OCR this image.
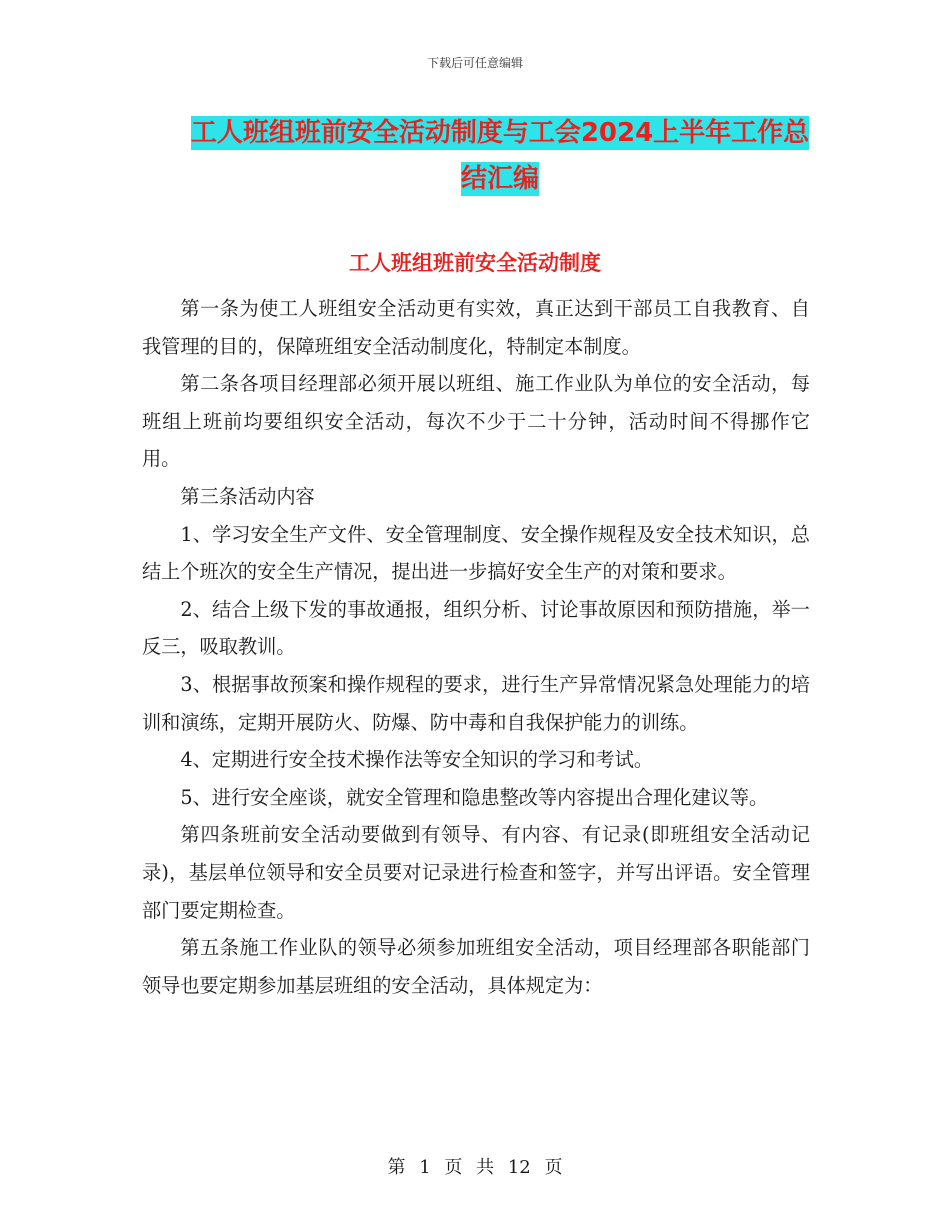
下载后可任意编辑
工人班组班前安全活动制度与工会2024上半年工作总
结汇编
工人班组班前安全活动制度

第一条为使工人班组安全活动更有实效，真正达到干部员工自我教育、自我管理的目的，保障班组安全活动制度化，特制定本制度。

第二条各项目经理部必须开展以班组、施工作业队为单位的安全活动，每班组上班前均要组织安全活动，每次不少于二十分钟，活动时间不得挪作它用。

第三条活动内容

1、学习安全生产文件、安全管理制度、安全操作规程及安全技术知识，总结上个班次的安全生产情况，提出进一步搞好安全生产的对策和要求。

2、结合上级下发的事故通报，组织分析、讨论事故原因和预防措施，举一反三，吸取教训。

3、根据事故预案和操作规程的要求，进行生产异常情况紧急处理能力的培训和演练，定期开展防火、防爆、防中毒和自我保护能力的训练。

4、定期进行安全技术操作法等安全知识的学习和考试。

5、进行安全座谈，就安全管理和隐患整改等内容提出合理化建议等。

第四条班前安全活动要做到有领导、有内容、有记录(即班组安全活动记录)，基层单位领导和安全员要对记录进行检查和签字，并写出评语。安全管理部门要定期检查。

第五条施工作业队的领导必须参加班组安全活动，项目经理部各职能部门领导也要定期参加基层班组的安全活动，具体规定为：

第 1 页 共 12 页
